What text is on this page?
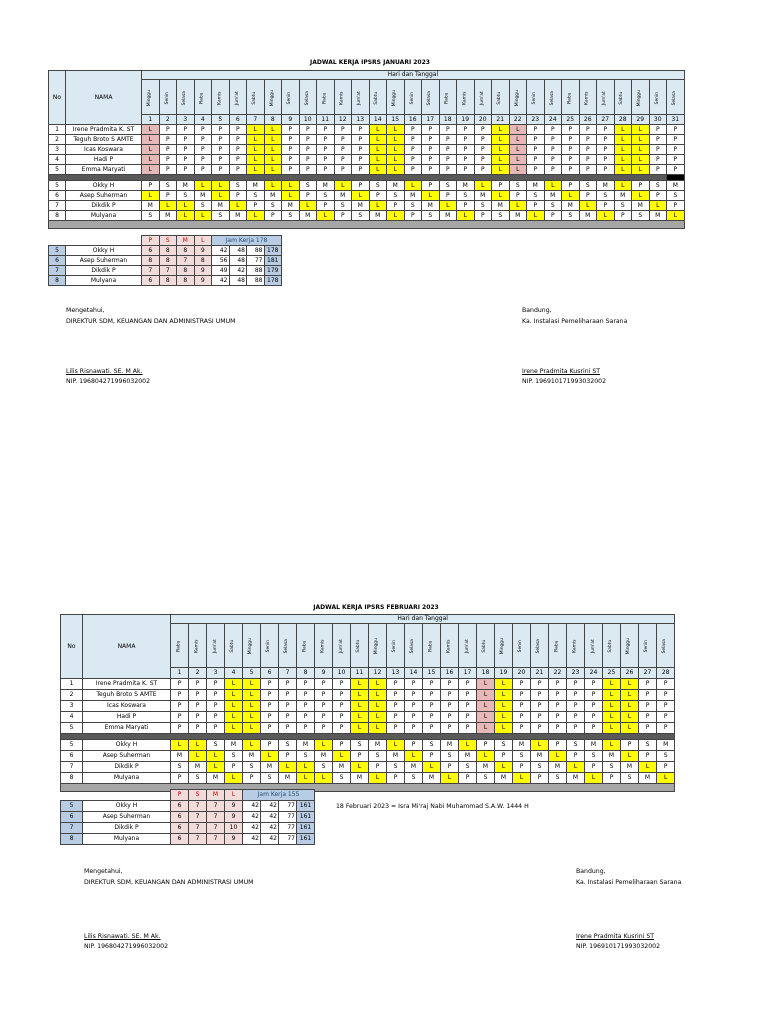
JADWAL KERJA IPSRS JANUARI 2023
No	NAMA	Hari dan Tanggal																														
		Minggu	Senin	Selasa	Rabu	Kamis	Jum'at	Sabtu	Minggu	Senin	Selasa	Rabu	Kamis	Jum'at	Sabtu	Minggu	Senin	Selasa	Rabu	Kamis	Jum'at	Sabtu	Minggu	Senin	Selasa	Rabu	Kamis	Jum'at	Sabtu	Minggu	Senin	Selasa
		1	2	3	4	5	6	7	8	9	10	11	12	13	14	15	16	17	18	19	20	21	22	23	24	25	26	27	28	29	30	31
1	Irene Pradmita K. ST	L	P	P	P	P	P	L	L	P	P	P	P	P	L	L	P	P	P	P	P	L	L	P	P	P	P	P	L	L	P	P
2	Teguh Broto S AMTE	L	P	P	P	P	P	L	L	P	P	P	P	P	L	L	P	P	P	P	P	L	L	P	P	P	P	P	L	L	P	P
3	Icas Koswara	L	P	P	P	P	P	L	L	P	P	P	P	P	L	L	P	P	P	P	P	L	L	P	P	P	P	P	L	L	P	P
4	Hadi P	L	P	P	P	P	P	L	L	P	P	P	P	P	L	L	P	P	P	P	P	L	L	P	P	P	P	P	L	L	P	P
5	Emma Maryati	L	P	P	P	P	P	L	L	P	P	P	P	P	L	L	P	P	P	P	P	L	L	P	P	P	P	P	L	L	P	P

5	Okky H	P	S	M	L	L	S	M	L	L	S	M	L	P	S	M	L	P	S	M	L	P	S	M	L	P	S	M	L	P	S	M
6	Asep Suherman	L	P	S	M	L	P	S	M	L	P	S	M	L	P	S	M	L	P	S	M	L	P	S	M	L	P	S	M	L	P	S
7	Dikdik P	M	L	L	S	M	L	P	S	M	L	P	S	M	L	P	S	M	L	P	S	M	L	P	S	M	L	P	S	M	L	P
8	Mulyana	S	M	L	L	S	M	L	P	S	M	L	P	S	M	L	P	S	M	L	P	S	M	L	P	S	M	L	P	S	M	L

		P	S	M	L	Jam Kerja 178			
5	Okky H	6	8	8	9	42	48	88	178
6	Asep Suherman	8	8	7	8	56	48	77	181
7	Dikdik P	7	7	8	9	49	42	88	179
8	Mulyana	6	8	8	9	42	48	88	178
Mengetahui,
DIREKTUR SDM, KEUANGAN DAN ADMINISTRASI UMUM
Lilis Risnawati. SE. M Ak.
NIP. 196804271996032002
Bandung,
Ka. Instalasi Pemeliharaan Sarana
Irene Pradmita Kusrini ST
NIP. 196910171993032002
JADWAL KERJA IPSRS FEBRUARI 2023
No	NAMA	Hari dan Tanggal																											
		Rabu	Kamis	Jum'at	Sabtu	Minggu	Senin	Selasa	Rabu	Kamis	Jum'at	Sabtu	Minggu	Senin	Selasa	Rabu	Kamis	Jum'at	Sabtu	Minggu	Senin	Selasa	Rabu	Kamis	Jum'at	Sabtu	Minggu	Senin	Selasa
		1	2	3	4	5	6	7	8	9	10	11	12	13	14	15	16	17	18	19	20	21	22	23	24	25	26	27	28
1	Irene Pradmita K. ST	P	P	P	L	L	P	P	P	P	P	L	L	P	P	P	P	P	L	L	P	P	P	P	P	L	L	P	P
2	Teguh Broto S AMTE	P	P	P	L	L	P	P	P	P	P	L	L	P	P	P	P	P	L	L	P	P	P	P	P	L	L	P	P
3	Icas Koswara	P	P	P	L	L	P	P	P	P	P	L	L	P	P	P	P	P	L	L	P	P	P	P	P	L	L	P	P
4	Hadi P	P	P	P	L	L	P	P	P	P	P	L	L	P	P	P	P	P	L	L	P	P	P	P	P	L	L	P	P
5	Emma Maryati	P	P	P	L	L	P	P	P	P	P	L	L	P	P	P	P	P	L	L	P	P	P	P	P	L	L	P	P

5	Okky H	L	L	S	M	L	P	S	M	L	P	S	M	L	P	S	M	L	P	S	M	L	P	S	M	L	P	S	M
6	Asep Suherman	M	L	L	S	M	L	P	S	M	L	P	S	M	L	P	S	M	L	P	S	M	L	P	S	M	L	P	S
7	Dikdik P	S	M	L	P	S	M	L	L	S	M	L	P	S	M	L	P	S	M	L	P	S	M	L	P	S	M	L	P
8	Mulyana	P	S	M	L	P	S	M	L	L	S	M	L	P	S	M	L	P	S	M	L	P	S	M	L	P	S	M	L

		P	S	M	L	Jam Kerja 155			
5	Okky H	6	7	7	9	42	42	77	161
6	Asep Suherman	6	7	7	9	42	42	77	161
7	Dikdik P	6	7	7	10	42	42	77	161
8	Mulyana	6	7	7	9	42	42	77	161
18 Februari 2023 = Isra Mi'raj Nabi Muhammad S.A.W. 1444 H
Mengetahui,
DIREKTUR SDM, KEUANGAN DAN ADMINISTRASI UMUM
Lilis Risnawati. SE. M Ak.
NIP. 196804271996032002
Bandung,
Ka. Instalasi Pemeliharaan Sarana
Irene Pradmita Kusrini ST
NIP. 196910171993032002
